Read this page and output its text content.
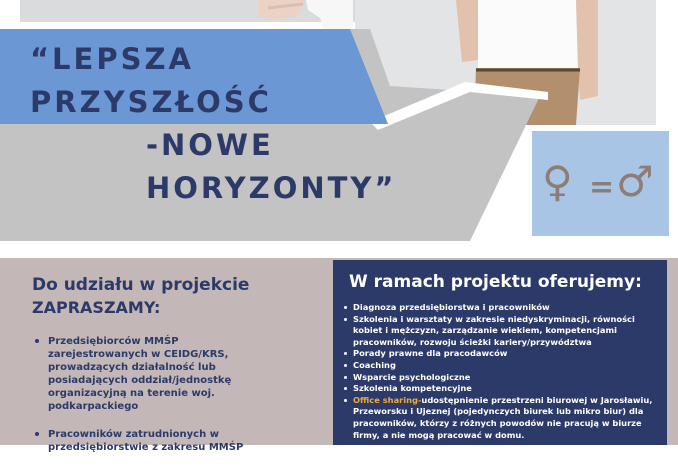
“LEPSZA
PRZYSZŁOŚĆ
-NOWE
HORYZONTY”	♀ = ♂
Do udziału w projekcie
ZAPRASZAMY:
Przedsiębiorców MMŚP zarejestrowanych w CEIDG/KRS, prowadzących działalność lub posiadających oddział/jednostkę organizacyjną na terenie woj. podkarpackiego
Pracowników zatrudnionych w przedsiębiorstwie z zakresu MMŚP
W ramach projektu oferujemy:
Diagnoza przedsiębiorstwa i pracowników
Szkolenia i warsztaty w zakresie niedyskryminacji, równości kobiet i mężczyzn, zarządzanie wiekiem, kompetencjami pracowników, rozwoju ścieżki kariery/przywództwa
Porady prawne dla pracodawców
Coaching
Wsparcie psychologiczne
Szkolenia kompetencyjne
Office sharing-udostępnienie przestrzeni biurowej w Jarosławiu, Przeworsku i Ujeznej (pojedynczych biurek lub mikro biur) dla pracowników, którzy z różnych powodów nie pracują w biurze firmy, a nie mogą pracować w domu.
